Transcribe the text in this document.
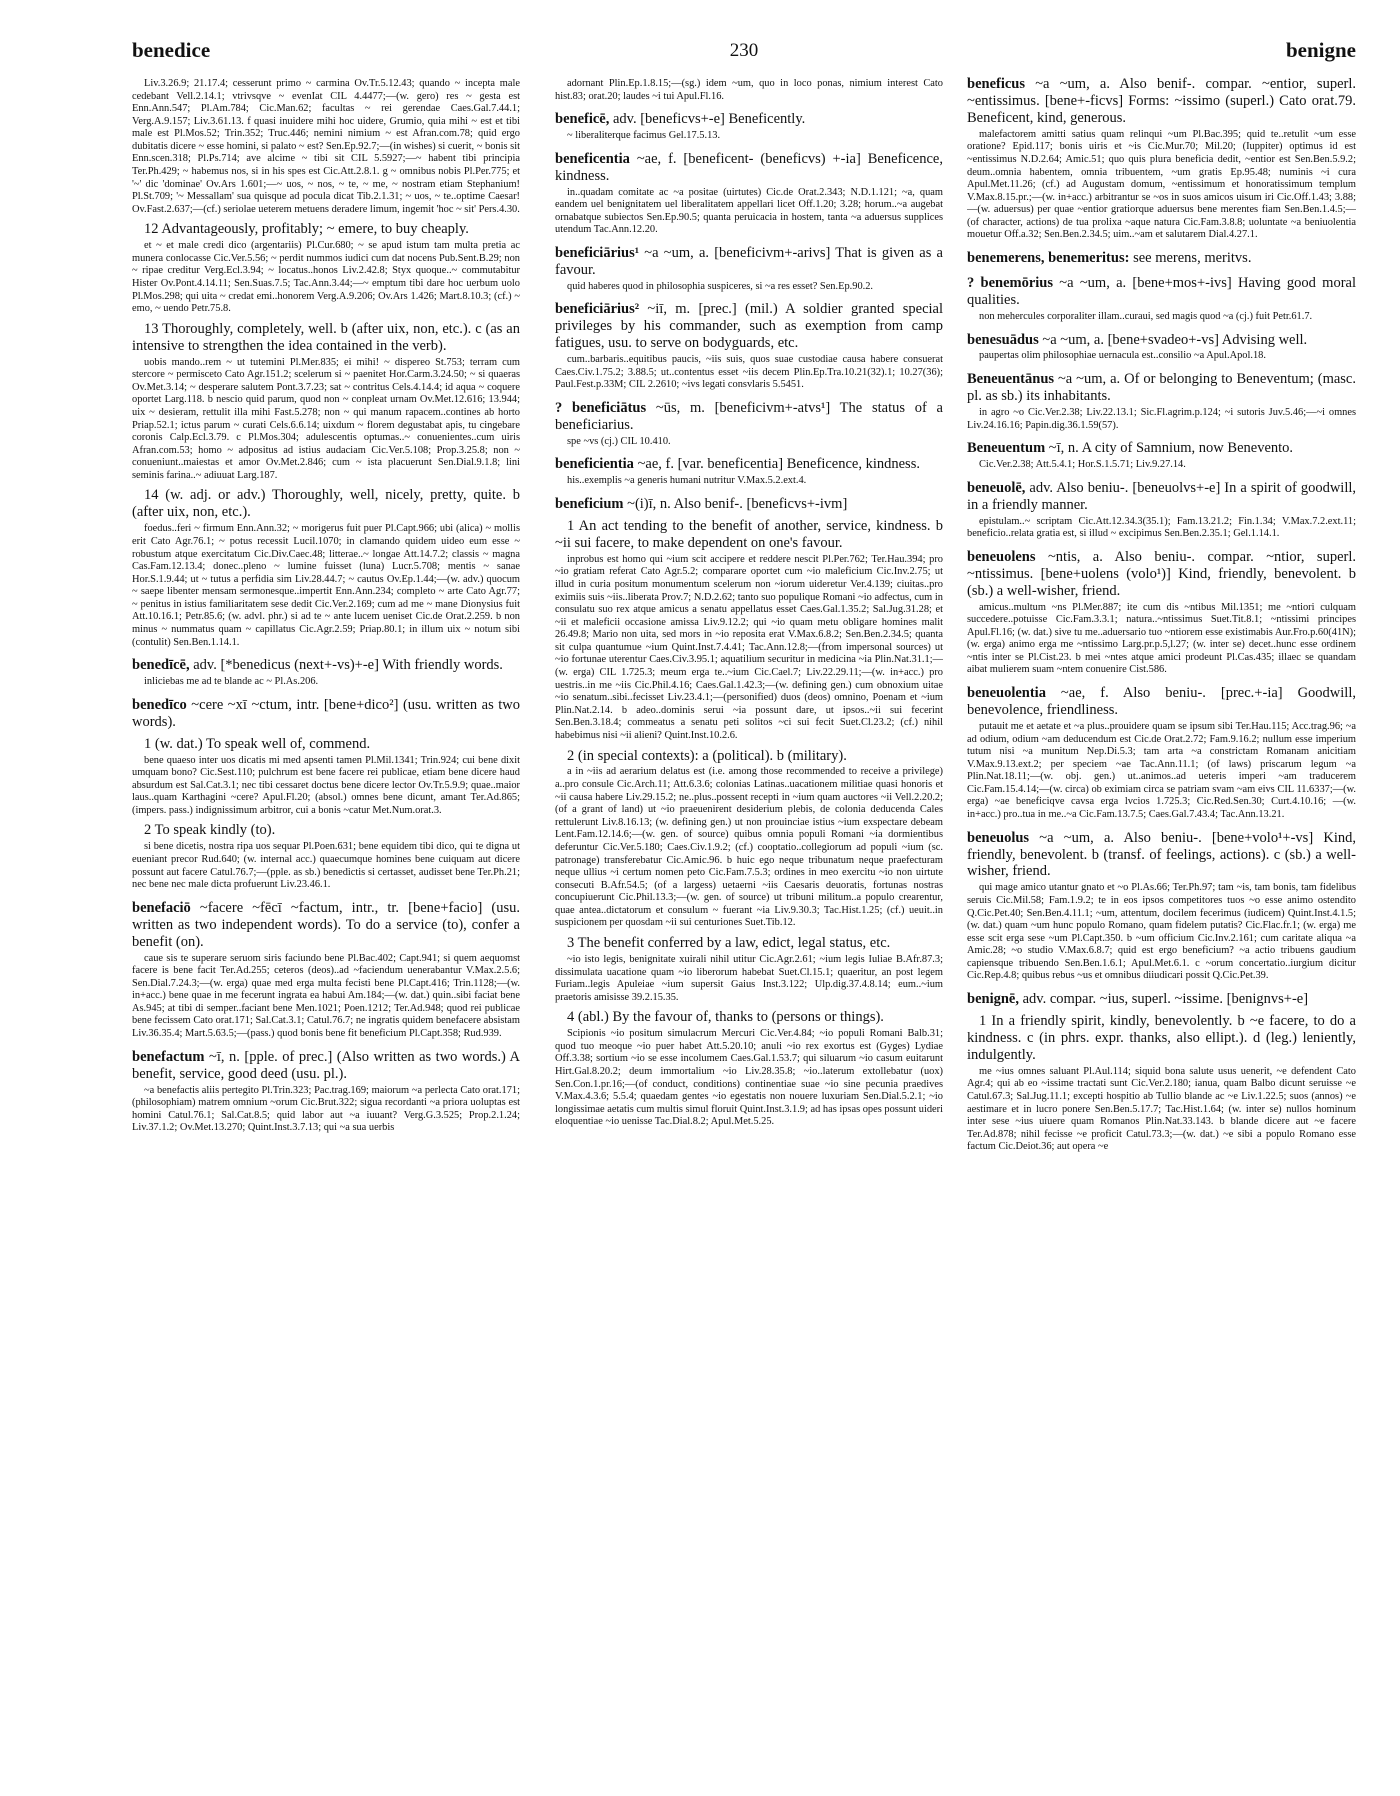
benedice	230	benigne
Liv.3.26.9; 21.17.4; cesserunt primo ~ carmina Ov.Tr.5.12.43; quando ~ incepta male cedebant Vell.2.14.1; vtrivsqve ~ evenIat CIL 4.4477;—(w. gero) res ~ gesta est Enn.Ann.547; Pl.Am.784; Cic.Man.62; facultas ~ rei gerendae Caes.Gal.7.44.1; Verg.A.9.157; Liv.3.61.13. f quasi inuidere mihi hoc uidere, Grumio, quia mihi ~ est et tibi male est Pl.Mos.52; Trin.352; Truc.446; nemini nimium ~ est Afran.com.78; quid ergo dubitatis dicere ~ esse homini, si palato ~ est? Sen.Ep.92.7;—(in wishes) si cuerit, ~ bonis sit Enn.scen.318; Pl.Ps.714; ave alcime ~ tibi sit CIL 5.5927;—~ habent tibi principia Ter.Ph.429; ~ habemus nos, si in his spes est Cic.Att.2.8.1. g ~ omnibus nobis Pl.Per.775; et '~' dic 'dominae' Ov.Ars 1.601;—~ uos, ~ nos, ~ te, ~ me, ~ nostram etiam Stephanium! Pl.St.709; '~ Messallam' sua quisque ad pocula dicat Tib.2.1.31; ~ uos, ~ te..optime Caesar! Ov.Fast.2.637;—(cf.) seriolae ueterem metuens deradere limum, ingemit 'hoc ~ sit' Pers.4.30.
12 Advantageously, profitably; ~ emere, to buy cheaply.
et ~ et male credi dico (argentariis) Pl.Cur.680; ~ se apud istum tam multa pretia ac munera conlocasse Cic.Ver.5.56; ~ perdit nummos iudici cum dat nocens Pub.Sent.B.29; non ~ ripae creditur Verg.Ecl.3.94; ~ locatus..honos Liv.2.42.8; Styx quoque..~ commutabitur Hister Ov.Pont.4.14.11; Sen.Suas.7.5; Tac.Ann.3.44;—~ emptum tibi dare hoc uerbum uolo Pl.Mos.298; qui uita ~ credat emi..honorem Verg.A.9.206; Ov.Ars 1.426; Mart.8.10.3; (cf.) ~ emo, ~ uendo Petr.75.8.
13 Thoroughly, completely, well. b (after uix, non, etc.). c (as an intensive to strengthen the idea contained in the verb).
uobis mando..rem ~ ut tutemini Pl.Mer.835; ei mihi! ~ dispereo St.753; terram cum stercore ~ permisceto Cato Agr.151.2; scelerum si ~ paenitet Hor.Carm.3.24.50; ~ si quaeras Ov.Met.3.14; ~ desperare salutem Pont.3.7.23; sat ~ contritus Cels.4.14.4; id aqua ~ coquere oportet Larg.118. b nescio quid parum, quod non ~ conpleat urnam Ov.Met.12.616; 13.944; uix ~ desieram, rettulit illa mihi Fast.5.278; non ~ qui manum rapacem..contines ab horto Priap.52.1; ictus parum ~ curati Cels.6.6.14; uixdum ~ florem degustabat apis, tu cingebare coronis Calp.Ecl.3.79. c Pl.Mos.304; adulescentis optumas..~ conuenientes..cum uiris Afran.com.53; homo ~ adpositus ad istius audaciam Cic.Ver.5.108; Prop.3.25.8; non ~ conueniunt..maiestas et amor Ov.Met.2.846; cum ~ ista placuerunt Sen.Dial.9.1.8; lini seminis farina..~ adiuuat Larg.187.
14 (w. adj. or adv.) Thoroughly, well, nicely, pretty, quite. b (after uix, non, etc.).
foedus..feri ~ firmum Enn.Ann.32; ~ morigerus fuit puer Pl.Capt.966; ubi (alica) ~ mollis erit Cato Agr.76.1; ~ potus recessit Lucil.1070; in clamando quidem uideo eum esse ~ robustum atque exercitatum Cic.Div.Caec.48; litterae..~ longae Att.14.7.2; classis ~ magna Cas.Fam.12.13.4; donec..pleno ~ lumine fuisset (luna) Lucr.5.708; mentis ~ sanae Hor.S.1.9.44; ut ~ tutus a perfidia sim Liv.28.44.7; ~ cautus Ov.Ep.1.44;—(w. adv.) quocum ~ saepe libenter mensam sermonesque..impertit Enn.Ann.234; completo ~ arte Cato Agr.77; ~ penitus in istius familiaritatem sese dedit Cic.Ver.2.169; cum ad me ~ mane Dionysius fuit Att.10.16.1; Petr.85.6; (w. advl. phr.) si ad te ~ ante lucem ueniset Cic.de Orat.2.259. b non minus ~ nummatus quam ~ capillatus Cic.Agr.2.59; Priap.80.1; in illum uix ~ notum sibi (contulit) Sen.Ben.1.14.1.
benedīcē, adv. [*benedicus (next+-vs)+-e] With friendly words.
inliciebas me ad te blande ac ~ Pl.As.206.
benedīco ~cere ~xī ~ctum, intr. [bene+dico²] (usu. written as two words).
1 (w. dat.) To speak well of, commend.
bene quaeso inter uos dicatis mi med apsenti tamen Pl.Mil.1341; Trin.924; cui bene dixit umquam bono? Cic.Sest.110; pulchrum est bene facere rei publicae, etiam bene dicere haud absurdum est Sal.Cat.3.1; nec tibi cessaret doctus bene dicere lector Ov.Tr.5.9.9; quae..maior laus..quam Karthagini ~cere? Apul.Fl.20; (absol.) omnes bene dicunt, amant Ter.Ad.865; (impers. pass.) indignissimum arbitror, cui a bonis ~catur Met.Num.orat.3.
2 To speak kindly (to).
si bene dicetis, nostra ripa uos sequar Pl.Poen.631; bene equidem tibi dico, qui te digna ut eueniant precor Rud.640; (w. internal acc.) quaecumque homines bene cuiquam aut dicere possunt aut facere Catul.76.7;—(pple. as sb.) benedictis si certasset, audisset bene Ter.Ph.21; nec bene nec male dicta profuerunt Liv.23.46.1.
benefaciō ~facere ~fēcī ~factum, intr., tr. [bene+facio] (usu. written as two independent words). To do a service (to), confer a benefit (on).
caue sis te superare seruom siris faciundo bene Pl.Bac.402; Capt.941; si quem aequomst facere is bene facit Ter.Ad.255; ceteros (deos)..ad ~faciendum uenerabantur V.Max.2.5.6; Sen.Dial.7.24.3;—(w. erga) quae med erga multa fecisti bene Pl.Capt.416; Trin.1128;—(w. in+acc.) bene quae in me fecerunt ingrata ea habui Am.184;—(w. dat.) quin..sibi faciat bene As.945; at tibi di semper..faciant bene Men.1021; Poen.1212; Ter.Ad.948; quod rei publicae bene fecissem Cato orat.171; Sal.Cat.3.1; Catul.76.7; ne ingratis quidem benefacere absistam Liv.36.35.4; Mart.5.63.5;—(pass.) quod bonis bene fit beneficium Pl.Capt.358; Rud.939.
benefactum ~ī, n. [pple. of prec.] (Also written as two words.) A benefit, service, good deed (usu. pl.).
~a benefactis aliis pertegito Pl.Trin.323; Pac.trag.169; maiorum ~a perlecta Cato orat.171; (philosophiam) matrem omnium ~orum Cic.Brut.322; sigua recordanti ~a priora uoluptas est homini Catul.76.1; Sal.Cat.8.5; quid labor aut ~a iuuant? Verg.G.3.525; Prop.2.1.24; Liv.37.1.2; Ov.Met.13.270; Quint.Inst.3.7.13; qui ~a sua uerbis
adornant Plin.Ep.1.8.15;—(sg.) idem ~um, quo in loco ponas, nimium interest Cato hist.83; orat.20; laudes ~i tui Apul.Fl.16.
beneficē, adv. [beneficvs+-e] Beneficently.
~ liberaliterque facimus Gel.17.5.13.
beneficentia ~ae, f. [beneficent- (beneficvs) +-ia] Beneficence, kindness.
in..quadam comitate ac ~a positae (uirtutes) Cic.de Orat.2.343; N.D.1.121; ~a, quam eandem uel benignitatem uel liberalitatem appellari licet Off.1.20; 3.28; horum..~a augebat ornabatque subiectos Sen.Ep.90.5; quanta peruicacia in hostem, tanta ~a aduersus supplices utendum Tac.Ann.12.20.
beneficiārius¹ ~a ~um, a. [beneficivm+-arivs] That is given as a favour.
quid haberes quod in philosophia suspiceres, si ~a res esset? Sen.Ep.90.2.
beneficiārius² ~iī, m. [prec.] (mil.) A soldier granted special privileges by his commander, such as exemption from camp fatigues, usu. to serve on bodyguards, etc.
cum..barbaris..equitibus paucis, ~iis suis, quos suae custodiae causa habere consuerat Caes.Civ.1.75.2; 3.88.5; ut..contentus esset ~iis decem Plin.Ep.Tra.10.21(32).1; 10.27(36); Paul.Fest.p.33M; CIL 2.2610; ~ivs legati consvlaris 5.5451.
? beneficiātus ~ūs, m. [beneficivm+-atvs¹] The status of a beneficiarius.
spe ~vs (cj.) CIL 10.410.
beneficientia ~ae, f. [var. beneficentia] Beneficence, kindness.
his..exemplis ~a generis humani nutritur V.Max.5.2.ext.4.
beneficium ~(i)ī, n. Also benif-. [beneficvs+-ivm]
1 An act tending to the benefit of another, service, kindness. b ~ii sui facere, to make dependent on one's favour.
inprobus est homo qui ~ium scit accipere et reddere nescit Pl.Per.762; Ter.Hau.394; pro ~io gratiam referat Cato Agr.5.2; comparare oportet cum ~io maleficium Cic.Inv.2.75; ut illud in curia positum monumentum scelerum non ~iorum uideretur Ver.4.139; ciuitas..pro eximiis suis ~iis..liberata Prov.7; N.D.2.62; tanto suo populique Romani ~io adfectus, cum in consulatu suo rex atque amicus a senatu appellatus esset Caes.Gal.1.35.2; Sal.Jug.31.28; et ~ii et maleficii occasione amissa Liv.9.12.2; qui ~io quam metu obligare homines malit 26.49.8; Mario non uita, sed mors in ~io reposita erat V.Max.6.8.2; Sen.Ben.2.34.5; quanta sit culpa quantumue ~ium Quint.Inst.7.4.41; Tac.Ann.12.8;—(from impersonal sources) ut ~io fortunae uterentur Caes.Civ.3.95.1; aquatilium securitur in medicina ~ia Plin.Nat.31.1;—(w. erga) CIL 1.725.3; meum erga te..~ium Cic.Cael.7; Liv.22.29.11;—(w. in+acc.) pro uestris..in me ~iis Cic.Phil.4.16; Caes.Gal.1.42.3;—(w. defining gen.) cum obnoxium uitae ~io senatum..sibi..fecisset Liv.23.4.1;—(personified) duos (deos) omnino, Poenam et ~ium Plin.Nat.2.14. b adeo..dominis serui ~ia possunt dare, ut ipsos..~ii sui fecerint Sen.Ben.3.18.4; commeatus a senatu peti solitos ~ci sui fecit Suet.Cl.23.2; (cf.) nihil habebimus nisi ~ii alieni? Quint.Inst.10.2.6.
2 (in special contexts): a (political). b (military).
a in ~iis ad aerarium delatus est (i.e. among those recommended to receive a privilege) a..pro consule Cic.Arch.11; Att.6.3.6; colonias Latinas..uacationem militiae quasi honoris et ~ii causa habere Liv.29.15.2; ne..plus..possent recepti in ~ium quam auctores ~ii Vell.2.20.2; (of a grant of land) ut ~io praeuenirent desiderium plebis, de colonia deducenda Cales rettulerunt Liv.8.16.13; (w. defining gen.) ut non prouinciae istius ~ium exspectare debeam Lent.Fam.12.14.6;—(w. gen. of source) quibus omnia populi Romani ~ia dormientibus deferuntur Cic.Ver.5.180; Caes.Civ.1.9.2; (cf.) cooptatio..collegiorum ad populi ~ium (sc. patronage) transferebatur Cic.Amic.96. b huic ego neque tribunatum neque praefecturam neque ullius ~i certum nomen peto Cic.Fam.7.5.3; ordines in meo exercitu ~io non uirtute consecuti B.Afr.54.5; (of a largess) uetaerni ~iis Caesaris deuoratis, fortunas nostras concupiuerunt Cic.Phil.13.3;—(w. gen. of source) ut tribuni militum..a populo crearentur, quae antea..dictatorum et consulum ~ fuerant ~ia Liv.9.30.3; Tac.Hist.1.25; (cf.) ueuit..in suspicionem per quosdam ~ii sui centuriones Suet.Tib.12.
3 The benefit conferred by a law, edict, legal status, etc.
~io isto legis, benignitate xuirali nihil utitur Cic.Agr.2.61; ~ium legis Iuliae B.Afr.87.3; dissimulata uacatione quam ~io liberorum habebat Suet.Cl.15.1; quaeritur, an post legem Furiam..legis Apuleiae ~ium supersit Gaius Inst.3.122; Ulp.dig.37.4.8.14; eum..~ium praetoris amisisse 39.2.15.35.
4 (abl.) By the favour of, thanks to (persons or things).
Scipionis ~io positum simulacrum Mercuri Cic.Ver.4.84; ~io populi Romani Balb.31; quod tuo meoque ~io puer habet Att.5.20.10; anuli ~io rex exortus est (Gyges) Lydiae Off.3.38; sortium ~io se esse incolumem Caes.Gal.1.53.7; qui siluarum ~io casum euitarunt Hirt.Gal.8.20.2; deum immortalium ~io Liv.28.35.8; ~io..laterum extollebatur (uox) Sen.Con.1.pr.16;—(of conduct, conditions) continentiae suae ~io sine pecunia praedives V.Max.4.3.6; 5.5.4; quaedam gentes ~io egestatis non nouere luxuriam Sen.Dial.5.2.1; ~io longissimae aetatis cum multis simul floruit Quint.Inst.3.1.9; ad has ipsas opes possunt uideri eloquentiae ~io uenisse Tac.Dial.8.2; Apul.Met.5.25.
beneficus ~a ~um, a. Also benif-. compar. ~entior, superl. ~entissimus. [bene+-ficvs] Forms: ~issimo (superl.) Cato orat.79. Beneficent, kind, generous.
malefactorem amitti satius quam relinqui ~um Pl.Bac.395; quid te..retulit ~um esse oratione? Epid.117; bonis uiris et ~is Cic.Mur.70; Mil.20; (Iuppiter) optimus id est ~entissimus N.D.2.64; Amic.51; quo quis plura beneficia dedit, ~entior est Sen.Ben.5.9.2; deum..omnia habentem, omnia tribuentem, ~um gratis Ep.95.48; numinis ~i cura Apul.Met.11.26; (cf.) ad Augustam domum, ~entissimum et honoratissimum templum V.Max.8.15.pr.;—(w. in+acc.) arbitrantur se ~os in suos amicos uisum iri Cic.Off.1.43; 3.88;—(w. aduersus) per quae ~entior gratiorque aduersus bene merentes fiam Sen.Ben.1.4.5;—(of character, actions) de tua prolixa ~aque natura Cic.Fam.3.8.8; uoluntate ~a beniuolentia mouetur Off.a.32; Sen.Ben.2.34.5; uim..~am et salutarem Dial.4.27.1.
benemerens, benemeritus: see merens, meritvs.
? benemōrius ~a ~um, a. [bene+mos+-ivs] Having good moral qualities.
non mehercules corporaliter illam..curaui, sed magis quod ~a (cj.) fuit Petr.61.7.
benesuādus ~a ~um, a. [bene+svadeo+-vs] Advising well.
paupertas olim philosophiae uernacula est..consilio ~a Apul.Apol.18.
Beneuentānus ~a ~um, a. Of or belonging to Beneventum; (masc. pl. as sb.) its inhabitants.
in agro ~o Cic.Ver.2.38; Liv.22.13.1; Sic.Fl.agrim.p.124; ~i sutoris Juv.5.46;—~i omnes Liv.24.16.16; Papin.dig.36.1.59(57).
Beneuentum ~ī, n. A city of Samnium, now Benevento.
Cic.Ver.2.38; Att.5.4.1; Hor.S.1.5.71; Liv.9.27.14.
beneuolē, adv. Also beniu-. [beneuolvs+-e] In a spirit of goodwill, in a friendly manner.
epistulam..~ scriptam Cic.Att.12.34.3(35.1); Fam.13.21.2; Fin.1.34; V.Max.7.2.ext.11; beneficio..relata gratia est, si illud ~ excipimus Sen.Ben.2.35.1; Gel.1.14.1.
beneuolens ~ntis, a. Also beniu-. compar. ~ntior, superl. ~ntissimus. [bene+uolens (volo¹)] Kind, friendly, benevolent. b (sb.) a well-wisher, friend.
amicus..multum ~ns Pl.Mer.887; ite cum dis ~ntibus Mil.1351; me ~ntiori culquam succedere..potuisse Cic.Fam.3.3.1; natura..~ntissimus Suet.Tit.8.1; ~ntissimi principes Apul.Fl.16; (w. dat.) sive tu me..aduersario tuo ~ntiorem esse existimabis Aur.Fro.p.60(41N); (w. erga) animo erga me ~ntissimo Larg.pr.p.5,l.27; (w. inter se) decet..hunc esse ordinem ~ntis inter se Pl.Cist.23. b mei ~ntes atque amici prodeunt Pl.Cas.435; illaec se quandam aibat mulierem suam ~ntem conuenire Cist.586.
beneuolentia ~ae, f. Also beniu-. [prec.+-ia] Goodwill, benevolence, friendliness.
putauit me et aetate et ~a plus..prouidere quam se ipsum sibi Ter.Hau.115; Acc.trag.96; ~a ad odium, odium ~am deducendum est Cic.de Orat.2.72; Fam.9.16.2; nullum esse imperium tutum nisi ~a munitum Nep.Di.5.3; tam arta ~a constrictam Romanam anicitiam V.Max.9.13.ext.2; per speciem ~ae Tac.Ann.11.1; (of laws) priscarum legum ~a Plin.Nat.18.11;—(w. obj. gen.) ut..animos..ad ueteris imperi ~am traducerem Cic.Fam.15.4.14;—(w. circa) ob eximiam circa se patriam svam ~am eivs CIL 11.6337;—(w. erga) ~ae beneficiqve cavsa erga lvcios 1.725.3; Cic.Red.Sen.30; Curt.4.10.16; —(w. in+acc.) pro..tua in me..~a Cic.Fam.13.7.5; Caes.Gal.7.43.4; Tac.Ann.13.21.
beneuolus ~a ~um, a. Also beniu-. [bene+volo¹+-vs] Kind, friendly, benevolent. b (transf. of feelings, actions). c (sb.) a well-wisher, friend.
qui mage amico utantur gnato et ~o Pl.As.66; Ter.Ph.97; tam ~is, tam bonis, tam fidelibus seruis Cic.Mil.58; Fam.1.9.2; te in eos ipsos competitores tuos ~o esse animo ostendito Q.Cic.Pet.40; Sen.Ben.4.11.1; ~um, attentum, docilem fecerimus (iudicem) Quint.Inst.4.1.5; (w. dat.) quam ~um hunc populo Romano, quam fidelem putatis? Cic.Flac.fr.1; (w. erga) me esse scit erga sese ~um Pl.Capt.350. b ~um officium Cic.Inv.2.161; cum caritate aliqua ~a Amic.28; ~o studio V.Max.6.8.7; quid est ergo beneficium? ~a actio tribuens gaudium capiensque tribuendo Sen.Ben.1.6.1; Apul.Met.6.1. c ~orum concertatio..iurgium dicitur Cic.Rep.4.8; quibus rebus ~us et omnibus diiudicari possit Q.Cic.Pet.39.
benignē, adv. compar. ~ius, superl. ~issime. [benignvs+-e]
1 In a friendly spirit, kindly, benevolently. b ~e facere, to do a kindness. c (in phrs. expr. thanks, also ellipt.). d (leg.) leniently, indulgently.
me ~ius omnes saluant Pl.Aul.114; siquid bona salute usus uenerit, ~e defendent Cato Agr.4; qui ab eo ~issime tractati sunt Cic.Ver.2.180; ianua, quam Balbo dicunt seruisse ~e Catul.67.3; Sal.Jug.11.1; excepti hospitio ab Tullio blande ac ~e Liv.1.22.5; suos (annos) ~e aestimare et in lucro ponere Sen.Ben.5.17.7; Tac.Hist.1.64; (w. inter se) nullos hominum inter sese ~ius uiuere quam Romanos Plin.Nat.33.143. b blande dicere aut ~e facere Ter.Ad.878; nihil fecisse ~e proficit Catul.73.3;—(w. dat.) ~e sibi a populo Romano esse factum Cic.Deiot.36; aut opera ~e
